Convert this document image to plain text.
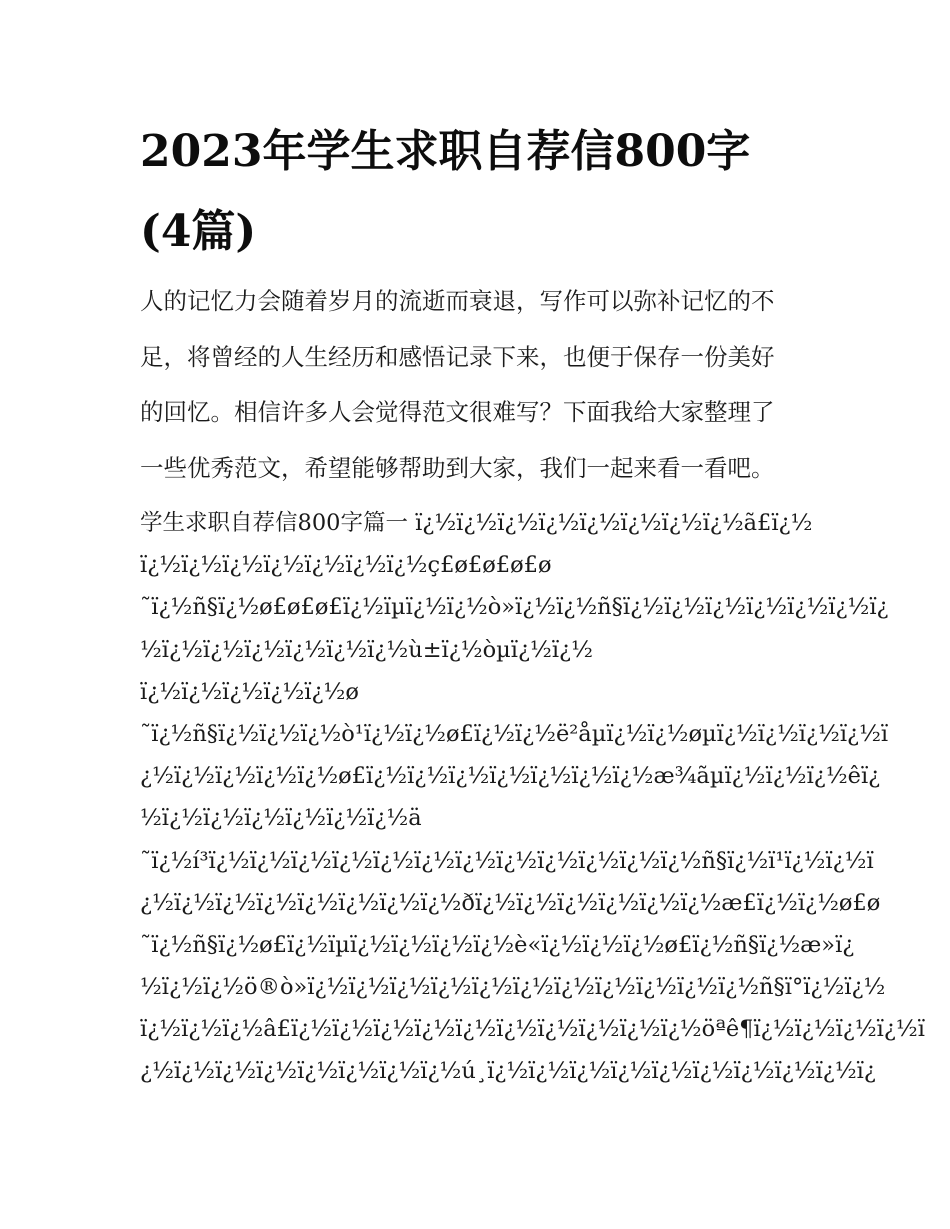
2023年学生求职自荐信800字
(4篇)
人的记忆力会随着岁月的流逝而衰退，写作可以弥补记忆的不
足，将曾经的人生经历和感悟记录下来，也便于保存一份美好
的回忆。相信许多人会觉得范文很难写？下面我给大家整理了
一些优秀范文，希望能够帮助到大家，我们一起来看一看吧。
学生求职自荐信800字篇一 ï¿½ï¿½ï¿½ï¿½ï¿½ï¿½ï¿½ï¿½ã£ï¿½
ï¿½ï¿½ï¿½ï¿½ï¿½ï¿½ï¿½ç£ø£ø£ø£ø
˜ï¿½ñ§ï¿½ø£ø£ø£ï¿½ïµï¿½ï¿½ò»ï¿½ï¿½ñ§ï¿½ï¿½ï¿½ï¿½ï¿½ï¿½ï¿
½ï¿½ï¿½ï¿½ï¿½ï¿½ï¿½ù±ï¿½òµï¿½ï¿½
ï¿½ï¿½ï¿½ï¿½ï¿½ø
˜ï¿½ñ§ï¿½ï¿½ï¿½ò¹ï¿½ï¿½ø£ï¿½ï¿½ë²åµï¿½ï¿½øµï¿½ï¿½ï¿½ï¿½ï
¿½ï¿½ï¿½ï¿½ï¿½ø£ï¿½ï¿½ï¿½ï¿½ï¿½ï¿½ï¿½æ¾ãµï¿½ï¿½ï¿½êï¿
½ï¿½ï¿½ï¿½ï¿½ï¿½ï¿½ä
˜ï¿½í³ï¿½ï¿½ï¿½ï¿½ï¿½ï¿½ï¿½ï¿½ï¿½ï¿½ï¿½ï¿½ñ§ï¿½ï¹ï¿½ï¿½ï
¿½ï¿½ï¿½ï¿½ï¿½ï¿½ï¿½ï¿½ðï¿½ï¿½ï¿½ï¿½ï¿½ï¿½æ£ï¿½ï¿½ø£ø
˜ï¿½ñ§ï¿½ø£ï¿½ïµï¿½ï¿½ï¿½ï¿½è«ï¿½ï¿½ï¿½ø£ï¿½ñ§ï¿½æ»ï¿
½ï¿½ï¿½ö®ò»ï¿½ï¿½ï¿½ï¿½ï¿½ï¿½ï¿½ï¿½ï¿½ï¿½ï¿½ñ§ï°ï¿½ï¿½
ï¿½ï¿½ï¿½â£ï¿½ï¿½ï¿½ï¿½ï¿½ï¿½ï¿½ï¿½ï¿½ï¿½öªê¶ï¿½ï¿½ï¿½ï¿½ï
¿½ï¿½ï¿½ï¿½ï¿½ï¿½ï¿½ï¿½ú¸ï¿½ï¿½ï¿½ï¿½ï¿½ï¿½ï¿½ï¿½ï¿½ï¿
